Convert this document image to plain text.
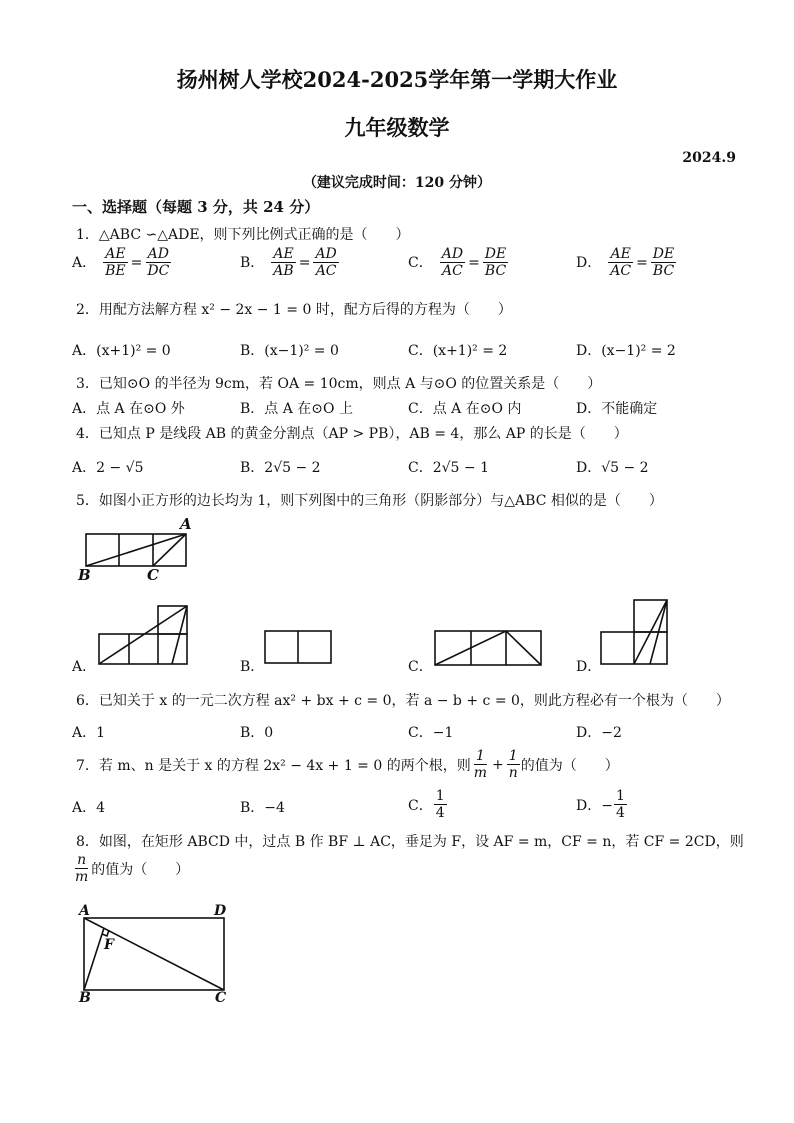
扬州树人学校2024-2025学年第一学期大作业
九年级数学
2024.9
（建议完成时间：120 分钟）
一、选择题（每题 3 分，共 24 分）
1．△ABC ∽△ADE，则下列比例式正确的是（　　）
A． $\frac{AE}{BE} = \frac{AD}{DC}$	B． $\frac{AE}{AB} = \frac{AD}{AC}$	C． $\frac{AD}{AC} = \frac{DE}{BC}$	D． $\frac{AE}{AC} = \frac{DE}{BC}$
2．用配方法解方程 x² − 2x − 1 = 0 时，配方后得的方程为（　　）
A．(x+1)² = 0	B．(x−1)² = 0	C．(x+1)² = 2	D．(x−1)² = 2
3．已知⊙O 的半径为 9cm，若 OA = 10cm，则点 A 与⊙O 的位置关系是（　　）
A．点 A 在⊙O 外	B．点 A 在⊙O 上	C．点 A 在⊙O 内	D．不能确定
4．已知点 P 是线段 AB 的黄金分割点（AP > PB），AB = 4，那么 AP 的长是（　　）
A．2 − √5	B．2√5 − 2	C．2√5 − 1	D．√5 − 2
5．如图小正方形的边长均为 1，则下列图中的三角形（阴影部分）与△ABC 相似的是（　　）
A
B	C
A．	B．	C．	D．
6．已知关于 x 的一元二次方程 ax² + bx + c = 0，若 a − b + c = 0，则此方程必有一个根为（　　）
A．1	B．0	C．−1	D．−2
7．若 m、n 是关于 x 的方程 2x² − 4x + 1 = 0 的两个根，则 $\frac{1}{m} + \frac{1}{n}$ 的值为（　　）
A．4	B．−4	C． $\frac{1}{4}$	D．− $\frac{1}{4}$
8．如图，在矩形 ABCD 中，过点 B 作 BF ⊥ AC，垂足为 F，设 AF = m，CF = n，若 CF = 2CD，则
$\frac{n}{m}$ 的值为（　　）
A	D
F
B	C
